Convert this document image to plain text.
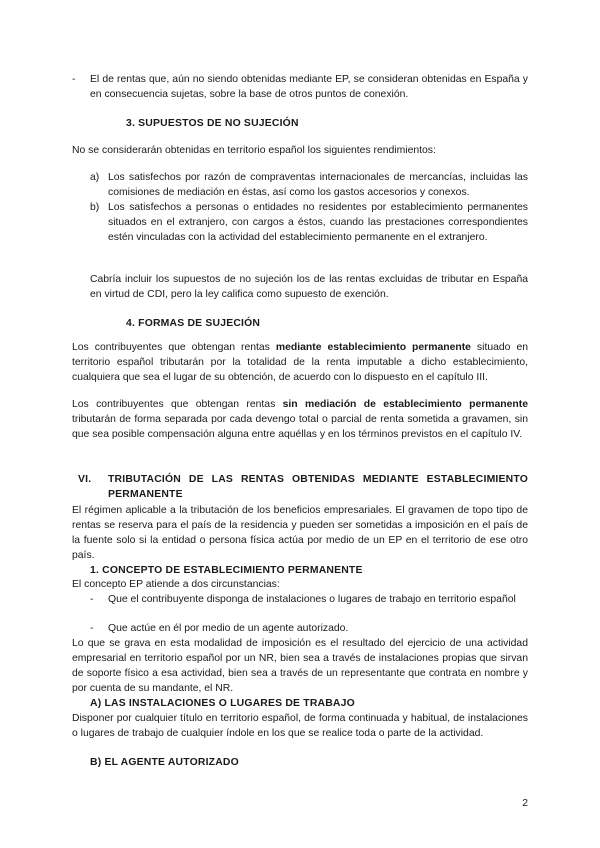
- El de rentas que, aún no siendo obtenidas mediante EP, se consideran obtenidas en España y en consecuencia sujetas, sobre la base de otros puntos de conexión.

3. SUPUESTOS DE NO SUJECIÓN

No se considerarán obtenidas en territorio español los siguientes rendimientos:

a) Los satisfechos por razón de compraventas internacionales de mercancías, incluidas las comisiones de mediación en éstas, así como los gastos accesorios y conexos.

b) Los satisfechos a personas o entidades no residentes por establecimiento permanentes situados en el extranjero, con cargos a éstos, cuando las prestaciones correspondientes estén vinculadas con la actividad del establecimiento permanente en el extranjero.

Cabría incluir los supuestos de no sujeción los de las rentas excluidas de tributar en España en virtud de CDI, pero la ley califica como supuesto de exención.

4. FORMAS DE SUJECIÓN

Los contribuyentes que obtengan rentas mediante establecimiento permanente situado en territorio español tributarán por la totalidad de la renta imputable a dicho establecimiento, cualquiera que sea el lugar de su obtención, de acuerdo con lo dispuesto en el capítulo III.

Los contribuyentes que obtengan rentas sin mediación de establecimiento permanente tributarán de forma separada por cada devengo total o parcial de renta sometida a gravamen, sin que sea posible compensación alguna entre aquéllas y en los términos previstos en el capítulo IV.

VI. TRIBUTACIÓN DE LAS RENTAS OBTENIDAS MEDIANTE ESTABLECIMIENTO PERMANENTE

El régimen aplicable a la tributación de los beneficios empresariales. El gravamen de topo tipo de rentas se reserva para el país de la residencia y pueden ser sometidas a imposición en el país de la fuente solo si la entidad o persona física actúa por medio de un EP en el territorio de ese otro país.

1. CONCEPTO DE ESTABLECIMIENTO PERMANENTE

El concepto EP atiende a dos circunstancias:

- Que el contribuyente disponga de instalaciones o lugares de trabajo en territorio español

- Que actúe en él por medio de un agente autorizado.

Lo que se grava en esta modalidad de imposición es el resultado del ejercicio de una actividad empresarial en territorio español por un NR, bien sea a través de instalaciones propias que sirvan de soporte físico a esa actividad, bien sea a través de un representante que contrata en nombre y por cuenta de su mandante, el NR.

A) LAS INSTALACIONES O LUGARES DE TRABAJO

Disponer por cualquier título en territorio español, de forma continuada y habitual, de instalaciones o lugares de trabajo de cualquier índole en los que se realice toda o parte de la actividad.

B) EL AGENTE AUTORIZADO
2
